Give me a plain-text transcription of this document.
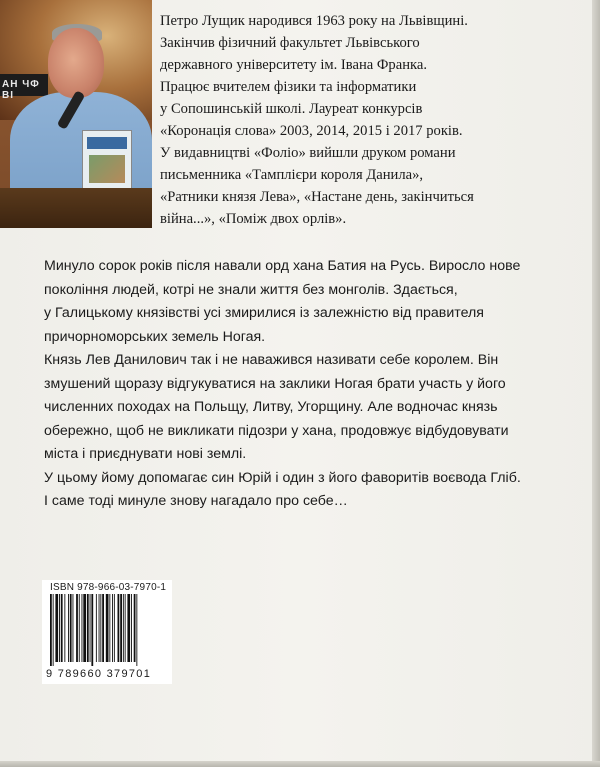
АН ЧФ ВІ
Петро Лущик народився 1963 року на Львівщині.
Закінчив фізичний факультет Львівського
державного університету ім. Івана Франка.
Працює вчителем фізики та інформатики
у Сопошинській школі. Лауреат конкурсів
«Коронація слова» 2003, 2014, 2015 і 2017 років.
У видавництві «Фоліо» вийшли друком романи
письменника «Тамплієри короля Данила»,
«Ратники князя Лева», «Настане день, закінчиться
війна...», «Поміж двох орлів».
Минуло сорок років після навали орд хана Батия на Русь. Виросло нове
покоління людей, котрі не знали життя без монголів. Здається,
у Галицькому князівстві усі змирилися із залежністю від правителя
причорноморських земель Ногая.
Князь Лев Данилович так і не наважився називати себе королем. Він
змушений щоразу відгукуватися на заклики Ногая брати участь у його
численних походах на Польщу, Литву, Угорщину. Але водночас князь
обережно, щоб не викликати підозри у хана, продовжує відбудовувати
міста і приєднувати нові землі.
У цьому йому допомагає син Юрій і один з його фаворитів воєвода Гліб.
І саме тоді минуле знову нагадало про себе…
ISBN 978-966-03-7970-1
9 789660 379701
